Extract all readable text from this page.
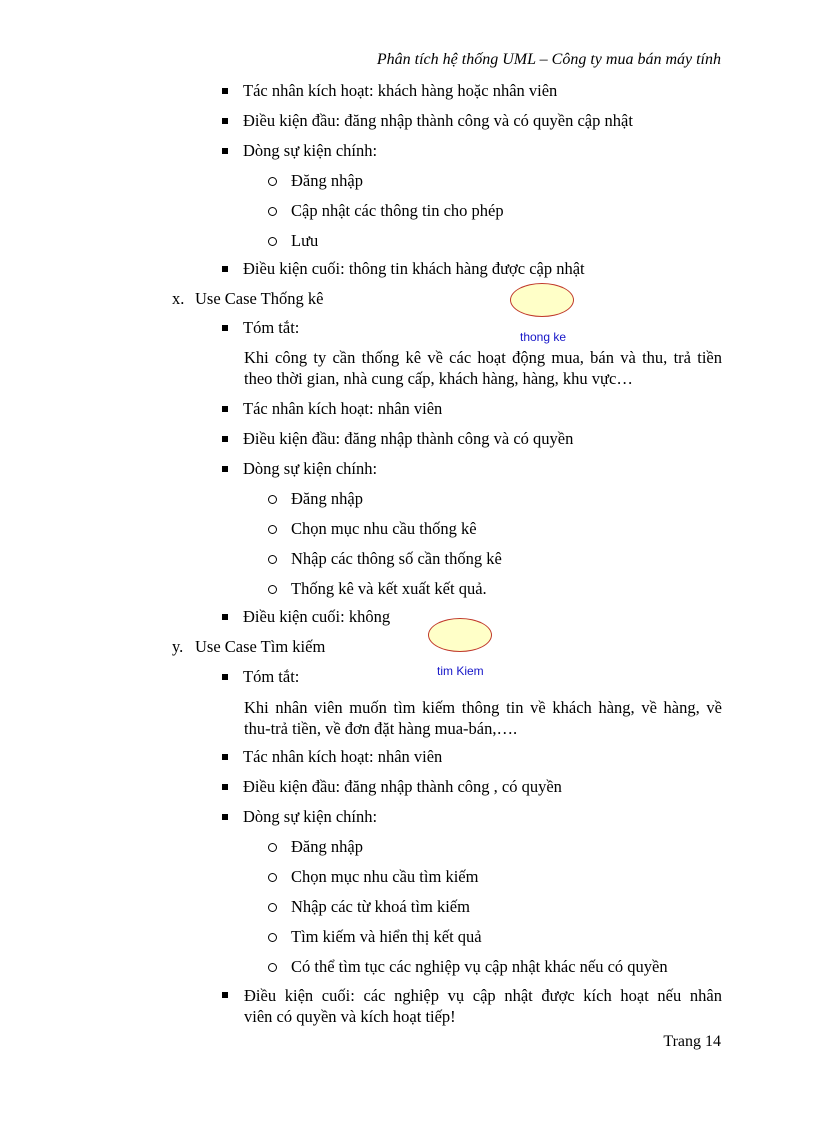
Phân tích hệ thống UML – Công ty mua bán máy tính
Tác nhân kích hoạt: khách hàng hoặc nhân viên
Điều kiện đầu: đăng nhập thành công và có quyền cập nhật
Dòng sự kiện chính:
Đăng nhập
Cập nhật các thông tin cho phép
Lưu
Điều kiện cuối: thông tin khách hàng được cập nhật
x. Use Case Thống kê
thong ke
Tóm tắt:
Khi công ty cần thống kê về các hoạt động mua, bán và thu, trả tiền
theo thời gian, nhà cung cấp, khách hàng, hàng, khu vực…
Tác nhân kích hoạt: nhân viên
Điều kiện đầu: đăng nhập thành công và có quyền
Dòng sự kiện chính:
Đăng nhập
Chọn mục nhu cầu thống kê
Nhập các thông số cần thống kê
Thống kê và kết xuất kết quả.
Điều kiện cuối: không
y. Use Case Tìm kiếm
tim Kiem
Tóm tắt:
Khi nhân viên muốn tìm kiếm thông tin về khách hàng, về hàng, về
thu-trả tiền, về đơn đặt hàng mua-bán,….
Tác nhân kích hoạt: nhân viên
Điều kiện đầu: đăng nhập thành công , có quyền
Dòng sự kiện chính:
Đăng nhập
Chọn mục nhu cầu tìm kiếm
Nhập các từ khoá tìm kiếm
Tìm kiếm và hiển thị kết quả
Có thể tìm tục các nghiệp vụ cập nhật khác nếu có quyền
Điều kiện cuối: các nghiệp vụ cập nhật được kích hoạt nếu nhân
viên có quyền và kích hoạt tiếp!
Trang 14
